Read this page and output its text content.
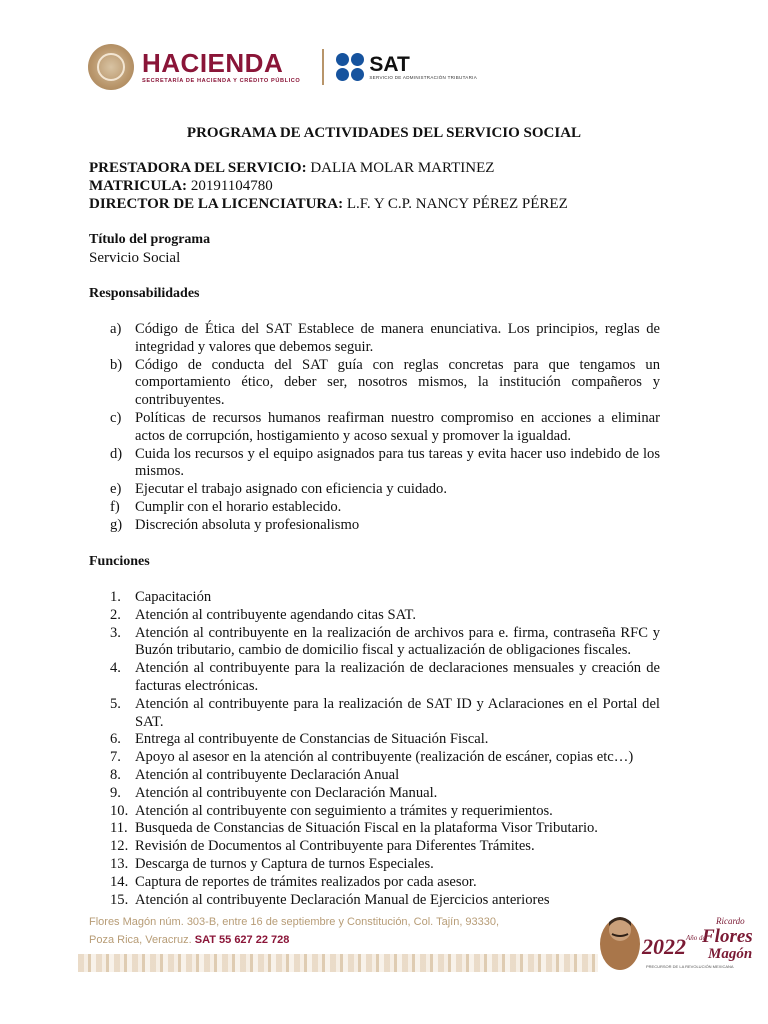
HACIENDA
SECRETARÍA DE HACIENDA Y CRÉDITO PÚBLICO
SAT
SERVICIO DE ADMINISTRACIÓN TRIBUTARIA
PROGRAMA DE ACTIVIDADES DEL SERVICIO SOCIAL
PRESTADORA DEL SERVICIO: DALIA MOLAR MARTINEZ
MATRICULA: 20191104780
DIRECTOR DE LA LICENCIATURA: L.F. Y C.P. NANCY PÉREZ PÉREZ
Título del programa
Servicio Social
Responsabilidades
a) Código de Ética del SAT Establece de manera enunciativa. Los principios, reglas de integridad y valores que debemos seguir.
b) Código de conducta del SAT guía con reglas concretas para que tengamos un comportamiento ético, deber ser, nosotros mismos, la institución compañeros y contribuyentes.
c) Políticas de recursos humanos reafirman nuestro compromiso en acciones a eliminar actos de corrupción, hostigamiento y acoso sexual y promover la igualdad.
d) Cuida los recursos y el equipo asignados para tus tareas y evita hacer uso indebido de los mismos.
e) Ejecutar el trabajo asignado con eficiencia y cuidado.
f)	Cumplir con el horario establecido.
g) Discreción absoluta y profesionalismo
Funciones
1. Capacitación
2. Atención al contribuyente agendando citas SAT.
3. Atención al contribuyente en la realización de archivos para e. firma, contraseña RFC y Buzón tributario, cambio de domicilio fiscal y actualización de obligaciones fiscales.
4. Atención al contribuyente para la realización de declaraciones mensuales y creación de facturas electrónicas.
5. Atención al contribuyente para la realización de SAT ID y Aclaraciones en el Portal del SAT.
6. Entrega al contribuyente de Constancias de Situación Fiscal.
7. Apoyo al asesor en la atención al contribuyente (realización de escáner, copias etc…)
8. Atención al contribuyente Declaración Anual
9. Atención al contribuyente con Declaración Manual.
10. Atención al contribuyente con seguimiento a trámites y requerimientos.
11. Busqueda de Constancias de Situación Fiscal en la plataforma Visor Tributario.
12. Revisión de Documentos al Contribuyente para Diferentes Trámites.
13. Descarga de turnos y Captura de turnos Especiales.
14. Captura de reportes de trámites realizados por cada asesor.
15. Atención al contribuyente Declaración Manual de Ejercicios anteriores
Flores Magón núm. 303-B, entre 16 de septiembre y Constitución, Col. Tajín, 93330,
Poza Rica, Veracruz. SAT 55 627 22 728	2022 Año de
Ricardo
Flores
Magón
PRECURSOR DE LA REVOLUCIÓN MEXICANA
